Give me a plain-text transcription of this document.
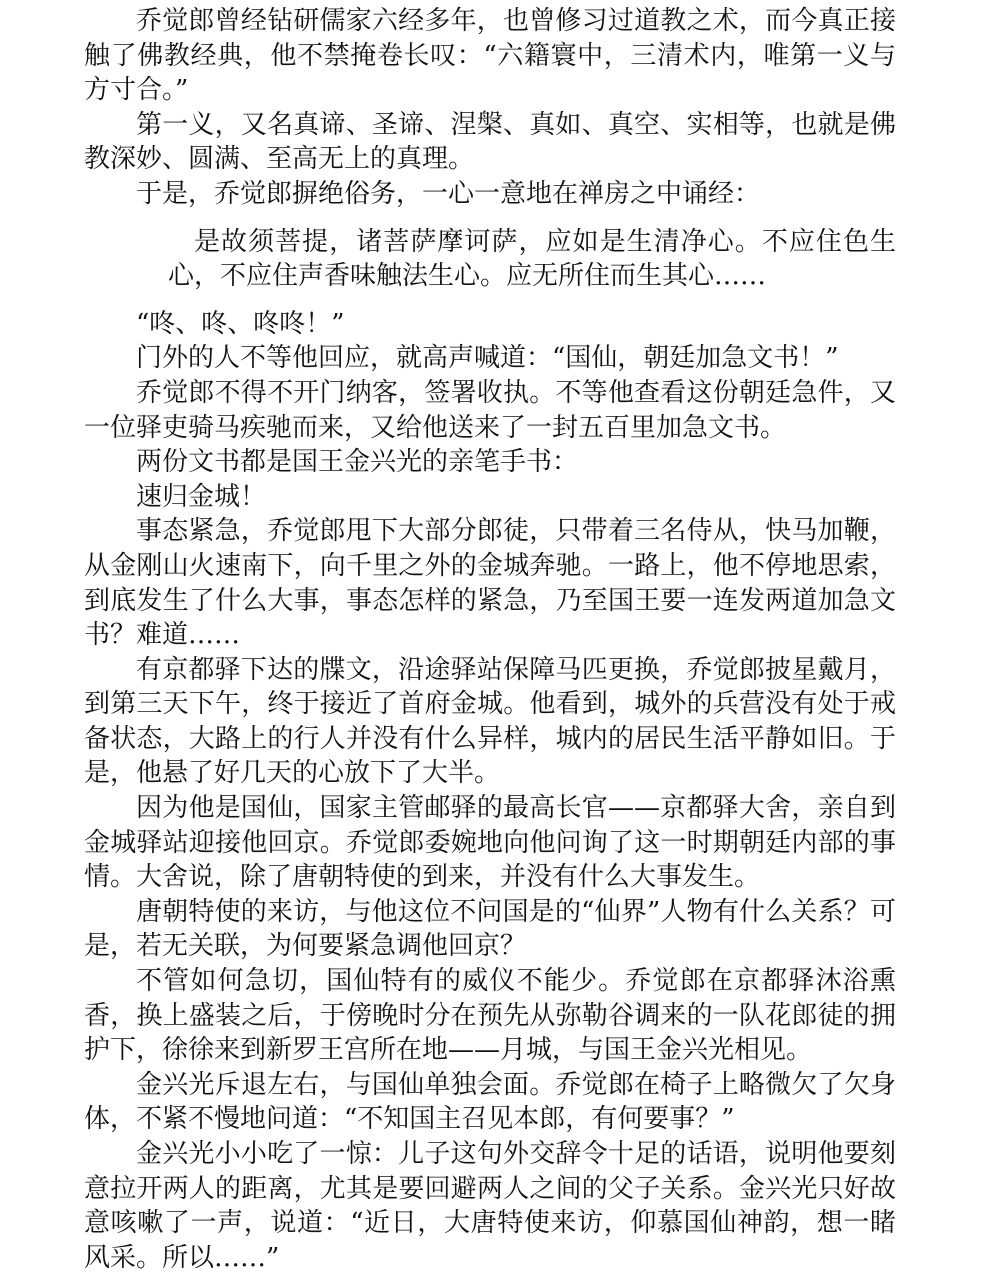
乔觉郎曾经钻研儒家六经多年，也曾修习过道教之术，而今真正接触了佛教经典，他不禁掩卷长叹：“六籍寰中，三清术内，唯第一义与方寸合。”

第一义，又名真谛、圣谛、涅槃、真如、真空、实相等，也就是佛教深妙、圆满、至高无上的真理。

于是，乔觉郎摒绝俗务，一心一意地在禅房之中诵经：

是故须菩提，诸菩萨摩诃萨，应如是生清净心。不应住色生心，不应住声香味触法生心。应无所住而生其心……

“咚、咚、咚咚！”

门外的人不等他回应，就高声喊道：“国仙，朝廷加急文书！”

乔觉郎不得不开门纳客，签署收执。不等他查看这份朝廷急件，又一位驿吏骑马疾驰而来，又给他送来了一封五百里加急文书。

两份文书都是国王金兴光的亲笔手书：

速归金城！

事态紧急，乔觉郎甩下大部分郎徒，只带着三名侍从，快马加鞭，从金刚山火速南下，向千里之外的金城奔驰。一路上，他不停地思索，到底发生了什么大事，事态怎样的紧急，乃至国王要一连发两道加急文书？难道……

有京都驿下达的牒文，沿途驿站保障马匹更换，乔觉郎披星戴月，到第三天下午，终于接近了首府金城。他看到，城外的兵营没有处于戒备状态，大路上的行人并没有什么异样，城内的居民生活平静如旧。于是，他悬了好几天的心放下了大半。

因为他是国仙，国家主管邮驿的最高长官——京都驿大舍，亲自到金城驿站迎接他回京。乔觉郎委婉地向他问询了这一时期朝廷内部的事情。大舍说，除了唐朝特使的到来，并没有什么大事发生。

唐朝特使的来访，与他这位不问国是的“仙界”人物有什么关系？可是，若无关联，为何要紧急调他回京？

不管如何急切，国仙特有的威仪不能少。乔觉郎在京都驿沐浴熏香，换上盛装之后，于傍晚时分在预先从弥勒谷调来的一队花郎徒的拥护下，徐徐来到新罗王宫所在地——月城，与国王金兴光相见。

金兴光斥退左右，与国仙单独会面。乔觉郎在椅子上略微欠了欠身体，不紧不慢地问道：“不知国主召见本郎，有何要事？”

金兴光小小吃了一惊：儿子这句外交辞令十足的话语，说明他要刻意拉开两人的距离，尤其是要回避两人之间的父子关系。金兴光只好故意咳嗽了一声，说道：“近日，大唐特使来访，仰慕国仙神韵，想一睹风采。所以……”
